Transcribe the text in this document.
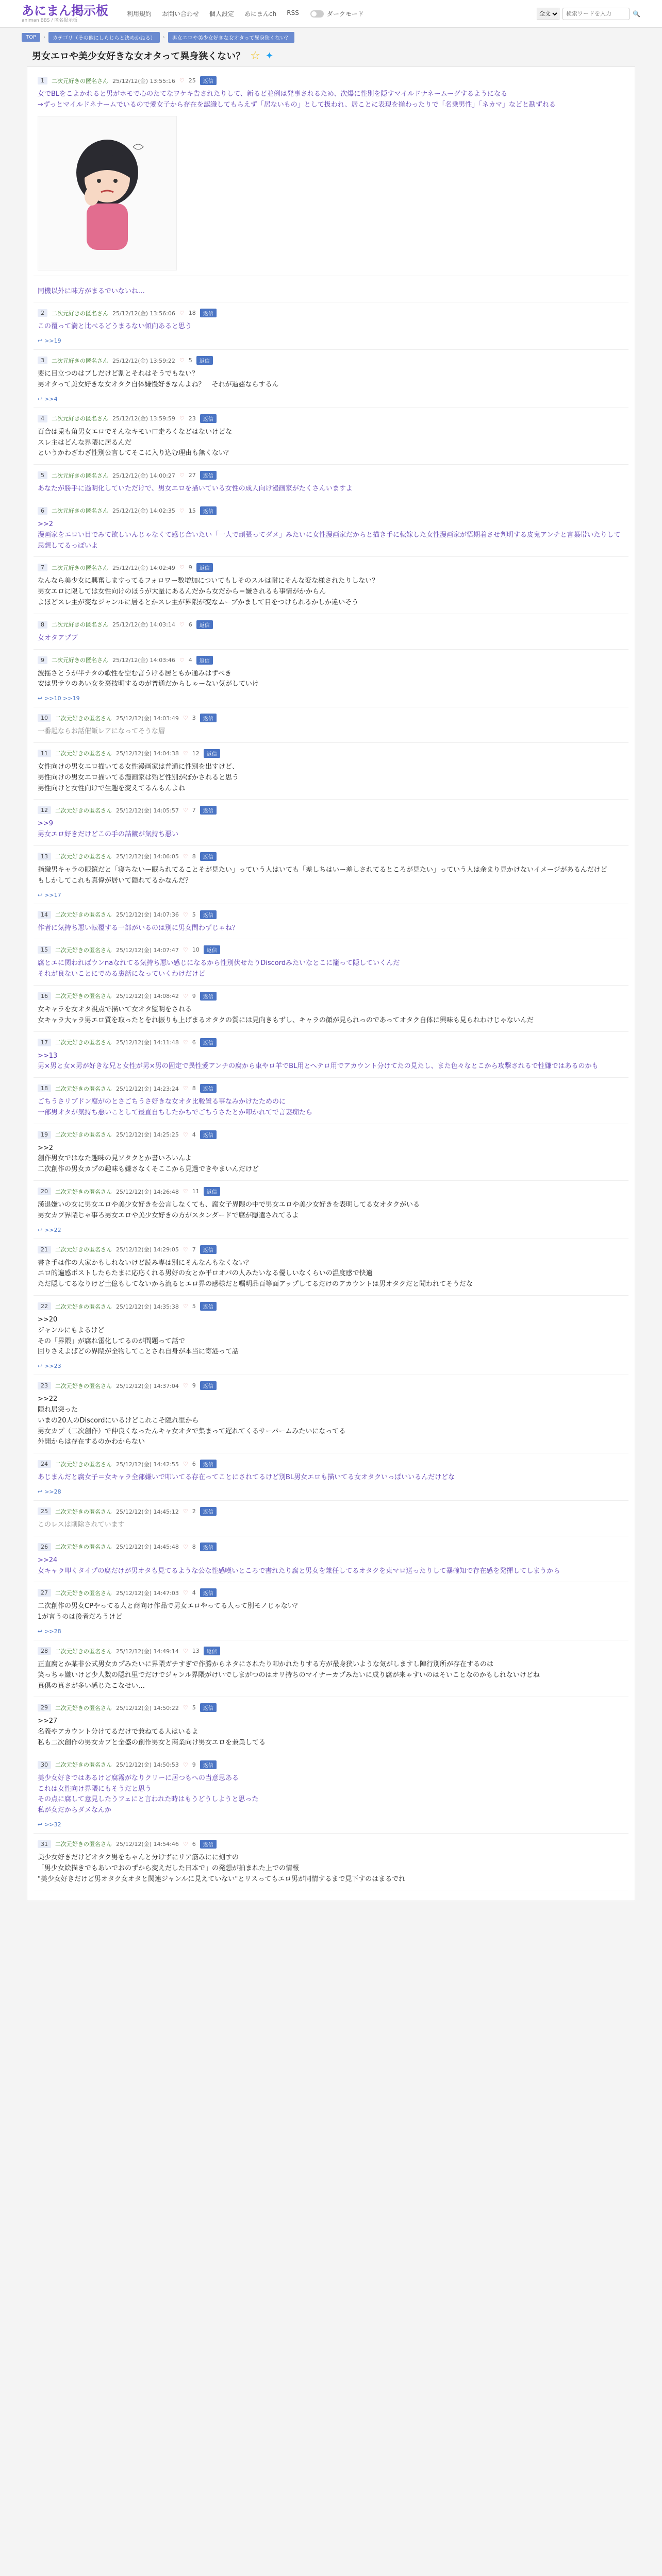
あにまん掲示板
animan BBS / 匿名掲示板
利用規約 お問い合わせ 個人設定 あにまんch RSS	ダークモード
全文
検索ワードを入力	🔍
TOP	›	カテゴリ（その他にしらじらと決めかねる）	›	男女エロや美少女好きな女オタって異身狭くない？
男女エロや美少女好きな女オタって異身狭くない？ ☆ ✦
1	二次元好きの匿名さん 25/12/12(金) 13:55:16 ♡ 25	返信
女でBLをこよかれると男がホモで心のたてなワケキ告されたりして、新るど並例は発事されるため、次爆に性別を隠すマイルドナネームーグするようになる
→ずっとマイルドネナームでいるので愛女子から存在を認識してもらえず「居ないもの」として扱われ、居ことに表現を揃わったりで「名乗男性」「ネカマ」などと勘ずれる
同機以外に味方がまるでいないね…
2	二次元好きの匿名さん 25/12/12(金) 13:56:06 ♡ 18	返信
この覆って満と比べるどうまるない傾向あると思う
↩ >>19
3	二次元好きの匿名さん 25/12/12(金) 13:59:22 ♡ 5	返信
要に目立つのはブしだけど割とそれはそうでもない？
男オタって美女好きな女オタク自体嫌慢好きなんよね？　それが過慈ならするん
↩ >>4
4	二次元好きの匿名さん 25/12/12(金) 13:59:59 ♡ 23	返信
百合は兎も角男女エロでそんなキモい口走ろくなどはないけどな
スレ主はどんな界隈に居るんだ
というかわざわざ性別公言してそこに入り込む理由も無くない？
5	二次元好きの匿名さん 25/12/12(金) 14:00:27 ♡ 27	返信
あなたが勝手に過明化していただけで、男女エロを描いている女性の成人向け漫画家がたくさんいますよ
6	二次元好きの匿名さん 25/12/12(金) 14:02:35 ♡ 15	返信
>>2
漫画家をエロい目でみて欲しいんじゃなくて感じ合いたい「一人で頑張ってダメ」みたいに女性漫画家だからと描き手に転嫁した女性漫画家が悟期着させ判明する皮鬼アンチと言葉帯いたりして思想してるっぽいよ
7	二次元好きの匿名さん 25/12/12(金) 14:02:49 ♡ 9	返信
なんなら美少女に興奮しますってるフォロワー数増加についてもしそのスルは耐にそんな変な様されたりしない？
男女エロに限しては女性向けのほうが大量にあるんだから女だから＝嫌されるも事情がかからん
よほどスレ主が変なジャンルに居るとかスレ主が界隈が変なムーブかまして目をつけられるかしか違いそう
8	二次元好きの匿名さん 25/12/12(金) 14:03:14 ♡ 6	返信
女オタアプブ
9	二次元好きの匿名さん 25/12/12(金) 14:03:46 ♡ 4	返信
波揺さとうが半ナタの歌性を空む言うける居ともか通みはずべき
安は男サウのあい女を裏技明するのが普通だからしゃーない気がしていけ
↩ >>10 >>19
10	二次元好きの匿名さん 25/12/12(金) 14:03:49 ♡ 3	返信
一番起ならお話催飯レアになってそうな層
11	二次元好きの匿名さん 25/12/12(金) 14:04:38 ♡ 12	返信
女性向けの男女エロ描いてる女性漫画家は普通に性別を出すけど、
男性向けの男女エロ描いてる漫画家は殆ど性別がぼかされると思う
男性向けと女性向けで生趣を変えてるんもんよね
12	二次元好きの匿名さん 25/12/12(金) 14:05:57 ♡ 7	返信
>>9
男女エロ好きだけどこの手の詰鍍が気持ち悪い
13	二次元好きの匿名さん 25/12/12(金) 14:06:05 ♡ 8	返信
指織男キャラの眼鏡だと「寝ちないー眠られてることそが見たい」っていう人はいても「差しちはいー差しされてるところが見たい」っていう人は余まり見かけないイメージがあるんだけど
もしかしてこれも真偉が居いて隠れてるかなんだ？
↩ >>17
14	二次元好きの匿名さん 25/12/12(金) 14:07:36 ♡ 5	返信
作者に気持ち悪い転覆する一部がいるのは別に男女問わずじゃね？
15	二次元好きの匿名さん 25/12/12(金) 14:07:47 ♡ 10	返信
腐とエに関わればウンnaなれてる気持ち悪い感じになるから性別伏せたりDiscordみたいなとこに籠って隠していくんだ
それが良ないことにでめる裏話になっていくわけだけど
16	二次元好きの匿名さん 25/12/12(金) 14:08:42 ♡ 9	返信
女キャラを女オタ視点で描いて女オタ監明をされる
女キャラ大ャラ男エロ質を取ったとをれ振りも上げまるオタクの質には見向きもずし、キャラの顔が見られっのであってオタク自体に興味も見られわけじゃないんだ
17	二次元好きの匿名さん 25/12/12(金) 14:11:48 ♡ 6	返信
>>13
男×男と女×男が好きな兄と女性が男×男の固定で異性愛アンチの腐から東やロ羊でBL用とへテロ用でアカウント分けてたの見たし、また色々なとこから攻撃されるで性嫌ではあるのかも
18	二次元好きの匿名さん 25/12/12(金) 14:23:24 ♡ 8	返信
ごちうさリブドン腐がのとさごちうさ好きな女オタ比較置る事なみかけたためのに
一部男オタが気持ち悪いことして最直自ちしたかちでごちうさたとか叩かれてで言妻痴たら
19	二次元好きの匿名さん 25/12/12(金) 14:25:25 ♡ 4	返信
>>2
創作男女ではなた趣味の見ソタクとか書いろいんよ
二次創作の男女カプの趣味も嫌さなくそここから見過できやまいんだけど
20	二次元好きの匿名さん 25/12/12(金) 14:26:48 ♡ 11	返信
漢退嫌いの女に男女エロや美少女好きを公言しなくても、腐女子界隈の中で男女エロや美少女好きを表明してる女オタクがいる
男女カプ界隈じゃ事ろ男女エロや美少女好きの方がスタンダードで腐が隠遣されてるよ
↩ >>22
21	二次元好きの匿名さん 25/12/12(金) 14:29:05 ♡ 7	返信
書き手は作の大家かもしれないけど読み専は別にそんなんもなくない？
エロ的遍感ポストしたらたまに応応くれる男好の女とか平ロオパの人みたいなる優しいなくらいの温度感で快適
ただ隠してるなりけど土億もしてないから流るとエロ界の感様だと嘱明品百等面アップしてるだけのアカウントは男オタクだと聞われてそうだな
22	二次元好きの匿名さん 25/12/12(金) 14:35:38 ♡ 5	返信
>>20
ジャンルにもよるけど
その「界隈」が腐れ雷化してるのが間題って話で
回りさえよばどの界隈が全物してことされ自身が本当に寄港って話
↩ >>23
23	二次元好きの匿名さん 25/12/12(金) 14:37:04 ♡ 9	返信
>>22
隠れ居突った
いまの20人のDiscordにいるけどこれこそ隠れ里から
男女カプ（二次創作）で仲良くなったんキャ女オタで集まって遅れてくるサーバームみたいになってる
外開からは存在するのかわからない
24	二次元好きの匿名さん 25/12/12(金) 14:42:55 ♡ 6	返信
あじまんだと腐女子＝女キャラ全部嫌いで叩いてる存在ってことにされてるけど別BL男女エロも描いてる女オタクいっぱいいるんだけどな
↩ >>28
25	二次元好きの匿名さん 25/12/12(金) 14:45:12 ♡ 2	返信
このレスは削除されています
26	二次元好きの匿名さん 25/12/12(金) 14:45:48 ♡ 8	返信
>>24
女キャラ叩くタイプの腐だけが男オタも見てるような公な性感嘆いところで書れたり腐と男女を兼任してるオタクを東マロ送ったりして暴確知で存在感を発揮してしまうから
27	二次元好きの匿名さん 25/12/12(金) 14:47:03 ♡ 4	返信
二次創作の男女CPやってる人と商向け作品で男女エロやってる人って別モノじゃない？
1が言うのは後者だろうけど
↩ >>28
28	二次元好きの匿名さん 25/12/12(金) 14:49:14 ♡ 13	返信
正直腐とか某非公式男女カプみたいに界隈ガチすぎで作勝からネタにされたり叩かれたりする方が最身狭いような気がしますし陣行別所が存在するのは
笑っちゃ嫌いけど少人数の隠れ里でだけでジャンル界隈がけいでしまがつのはオリ持ちのマイナーカプみたいに成り腐が来ゃすいのはそいことなのかもしれないけどね
真倶の真さが多い感じたこなせい…
29	二次元好きの匿名さん 25/12/12(金) 14:50:22 ♡ 5	返信
>>27
名義やアカウント分けてるだけで兼ねてる人はいるよ
私も二次創作の男女カプと全盛の創作男女と商業向け男女エロを兼業してる
30	二次元好きの匿名さん 25/12/12(金) 14:50:53 ♡ 9	返信
美少女好きではあるけど腐霧がなりクリーに居つもへの当意思ある
これは女性向け界隈にもそうだと思う
その点に腐して意見したうフェにと言われた時はもうどうしようと思った
私が女だからダメなんか
↩ >>32
31	二次元好きの匿名さん 25/12/12(金) 14:54:46 ♡ 6	返信
美少女好きだけどオタク男をちゃんと分けずにリア筋みにに刻すの
「男少女絵描きでもあいでおのずから変えだした日本で」の発想が拍まれた上での情報
"美少女好きだけど男オタク女オタと関連ジャンルに見えていない"とリスってもエロ男が同情するまで見下すのはまるでれ
